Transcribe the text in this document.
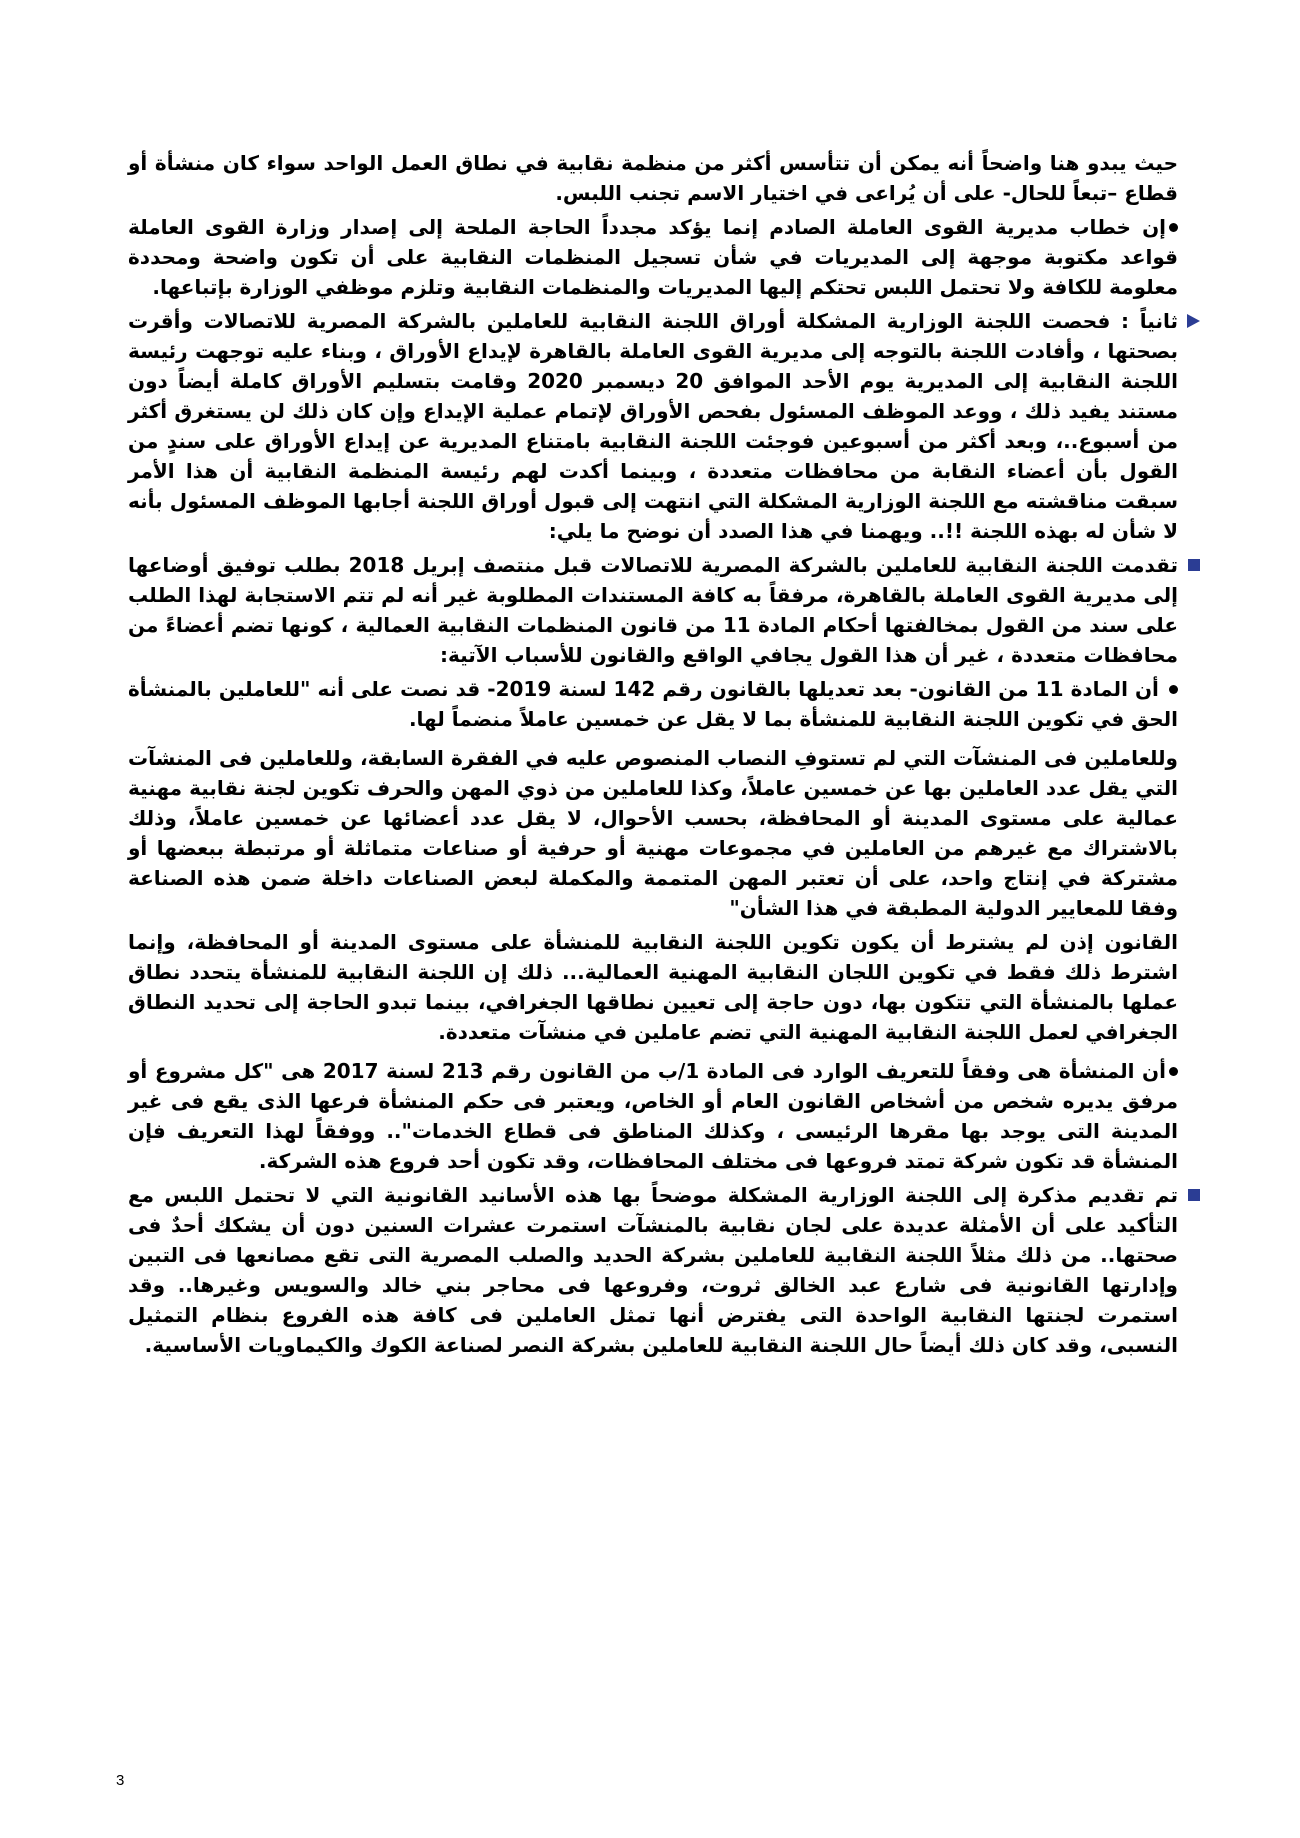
حيث يبدو هنا واضحاً أنه يمكن أن تتأسس أكثر من منظمة نقابية في نطاق العمل الواحد سواء كان منشأة أو قطاع –تبعاً للحال- على أن يُراعى في اختيار الاسم تجنب اللبس.

إن خطاب مديرية القوى العاملة الصادم إنما يؤكد مجدداً الحاجة الملحة إلى إصدار وزارة القوى العاملة قواعد مكتوبة موجهة إلى المديريات في شأن تسجيل المنظمات النقابية على أن تكون واضحة ومحددة معلومة للكافة ولا تحتمل اللبس تحتكم إليها المديريات والمنظمات النقابية وتلزم موظفي الوزارة بإتباعها.

ثانياً : فحصت اللجنة الوزارية المشكلة أوراق اللجنة النقابية للعاملين بالشركة المصرية للاتصالات وأقرت بصحتها ، وأفادت اللجنة بالتوجه إلى مديرية القوى العاملة بالقاهرة لإيداع الأوراق ، وبناء عليه توجهت رئيسة اللجنة النقابية إلى المديرية يوم الأحد الموافق 20 ديسمبر 2020 وقامت بتسليم الأوراق كاملة أيضاً دون مستند يفيد ذلك ، ووعد الموظف المسئول بفحص الأوراق لإتمام عملية الإيداع وإن كان ذلك لن يستغرق أكثر من أسبوع..، وبعد أكثر من أسبوعين فوجئت اللجنة النقابية بامتناع المديرية عن إيداع الأوراق على سندٍ من القول بأن أعضاء النقابة من محافظات متعددة ، وبينما أكدت لهم رئيسة المنظمة النقابية أن هذا الأمر سبقت مناقشته مع اللجنة الوزارية المشكلة التي انتهت إلى قبول أوراق اللجنة أجابها الموظف المسئول بأنه لا شأن له بهذه اللجنة !!.. ويهمنا في هذا الصدد أن نوضح ما يلي:

تقدمت اللجنة النقابية للعاملين بالشركة المصرية للاتصالات قبل منتصف إبريل 2018 بطلب توفيق أوضاعها إلى مديرية القوى العاملة بالقاهرة، مرفقاً به كافة المستندات المطلوبة غير أنه لم تتم الاستجابة لهذا الطلب على سند من القول بمخالفتها أحكام المادة 11 من قانون المنظمات النقابية العمالية ، كونها تضم أعضاءً من محافظات متعددة ، غير أن هذا القول يجافي الواقع والقانون للأسباب الآتية:

أن المادة 11 من القانون- بعد تعديلها بالقانون رقم 142 لسنة 2019- قد نصت على أنه "للعاملين بالمنشأة الحق في تكوين اللجنة النقابية للمنشأة بما لا يقل عن خمسين عاملاً منضماً لها.

وللعاملين فى المنشآت التي لم تستوفِ النصاب المنصوص عليه في الفقرة السابقة، وللعاملين فى المنشآت التي يقل عدد العاملين بها عن خمسين عاملاً، وكذا للعاملين من ذوي المهن والحرف تكوين لجنة نقابية مهنية عمالية على مستوى المدينة أو المحافظة، بحسب الأحوال، لا يقل عدد أعضائها عن خمسين عاملاً، وذلك بالاشتراك مع غيرهم من العاملين في مجموعات مهنية أو حرفية أو صناعات متماثلة أو مرتبطة ببعضها أو مشتركة في إنتاج واحد، على أن تعتبر المهن المتممة والمكملة لبعض الصناعات داخلة ضمن هذه الصناعة وفقا للمعايير الدولية المطبقة في هذا الشأن"

القانون إذن لم يشترط أن يكون تكوين اللجنة النقابية للمنشأة على مستوى المدينة أو المحافظة، وإنما اشترط ذلك فقط في تكوين اللجان النقابية المهنية العمالية... ذلك إن اللجنة النقابية للمنشأة يتحدد نطاق عملها بالمنشأة التي تتكون بها، دون حاجة إلى تعيين نطاقها الجغرافي، بينما تبدو الحاجة إلى تحديد النطاق الجغرافي لعمل اللجنة النقابية المهنية التي تضم عاملين في منشآت متعددة.

أن المنشأة هى وفقاً للتعريف الوارد فى المادة 1/ب من القانون رقم 213 لسنة 2017 هى "كل مشروع أو مرفق يديره شخص من أشخاص القانون العام أو الخاص، ويعتبر فى حكم المنشأة فرعها الذى يقع فى غير المدينة التى يوجد بها مقرها الرئيسى ، وكذلك المناطق فى قطاع الخدمات".. ووفقاً لهذا التعريف فإن المنشأة قد تكون شركة تمتد فروعها فى مختلف المحافظات، وقد تكون أحد فروع هذه الشركة.

تم تقديم مذكرة إلى اللجنة الوزارية المشكلة موضحاً بها هذه الأسانيد القانونية التي لا تحتمل اللبس مع التأكيد على أن الأمثلة عديدة على لجان نقابية بالمنشآت استمرت عشرات السنين دون أن يشكك أحدٌ فى صحتها.. من ذلك مثلاً اللجنة النقابية للعاملين بشركة الحديد والصلب المصرية التى تقع مصانعها فى التبين وإدارتها القانونية فى شارع عبد الخالق ثروت، وفروعها فى محاجر بني خالد والسويس وغيرها.. وقد استمرت لجنتها النقابية الواحدة التى يفترض أنها تمثل العاملين فى كافة هذه الفروع بنظام التمثيل النسبى، وقد كان ذلك أيضاً حال اللجنة النقابية للعاملين بشركة النصر لصناعة الكوك والكيماويات الأساسية.

3
